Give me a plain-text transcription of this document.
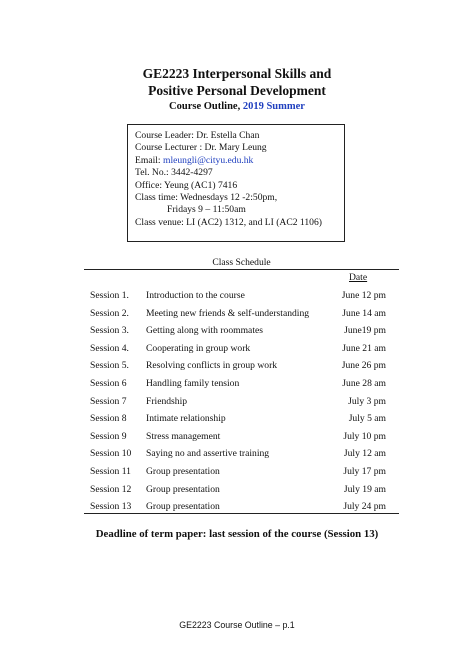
GE2223 Interpersonal Skills and
Positive Personal Development
Course Outline, 2019 Summer
Course Leader: Dr. Estella Chan
Course Lecturer : Dr. Mary Leung
Email: mleungli@cityu.edu.hk
Tel. No.: 3442-4297
Office: Yeung (AC1) 7416
Class time: Wednesdays 12 -2:50pm,
Fridays 9 – 11:50am
Class venue: LI (AC2) 1312, and LI (AC2 1106)
Class Schedule
Date
Session 1. Introduction to the course	June 12 pm
Session 2. Meeting new friends & self-understanding	June 14 am
Session 3. Getting along with roommates	June19 pm
Session 4. Cooperating in group work	June 21 am
Session 5. Resolving conflicts in group work	June 26 pm
Session 6 Handling family tension	June 28 am
Session 7 Friendship	July 3 pm
Session 8 Intimate relationship	July 5 am
Session 9 Stress management	July 10 pm
Session 10 Saying no and assertive training	July 12 am
Session 11 Group presentation	July 17 pm
Session 12 Group presentation	July 19 am
Session 13 Group presentation	July 24 pm
Deadline of term paper: last session of the course (Session 13)
GE2223 Course Outline – p.1
